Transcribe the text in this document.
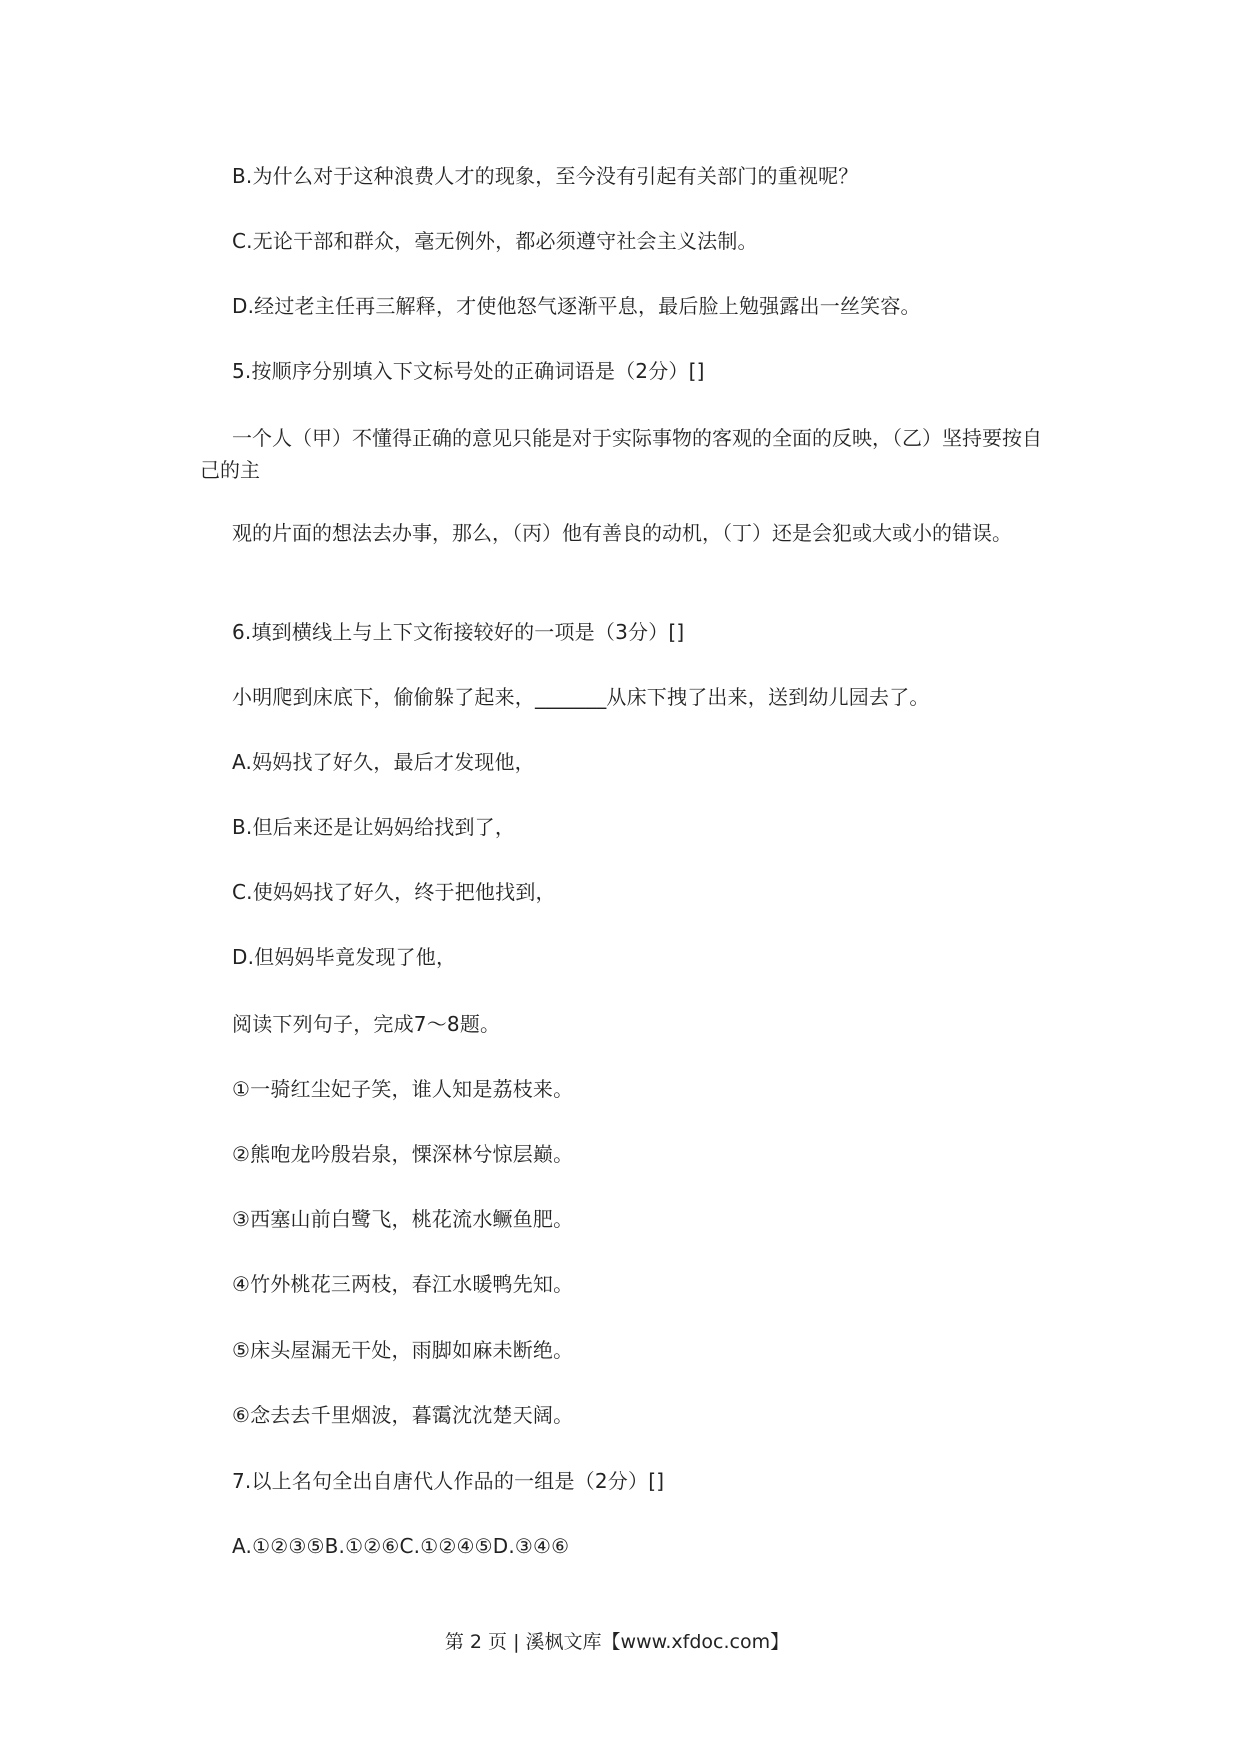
B.为什么对于这种浪费人才的现象，至今没有引起有关部门的重视呢？
C.无论干部和群众，毫无例外，都必须遵守社会主义法制。
D.经过老主任再三解释，才使他怒气逐渐平息，最后脸上勉强露出一丝笑容。
5.按顺序分别填入下文标号处的正确词语是（2分）[]
一个人（甲）不懂得正确的意见只能是对于实际事物的客观的全面的反映，（乙）坚持要按自己的主
观的片面的想法去办事，那么，（丙）他有善良的动机，（丁）还是会犯或大或小的错误。
6.填到横线上与上下文衔接较好的一项是（3分）[]
小明爬到床底下，偷偷躲了起来，_______从床下拽了出来，送到幼儿园去了。
A.妈妈找了好久，最后才发现他，
B.但后来还是让妈妈给找到了，
C.使妈妈找了好久，终于把他找到，
D.但妈妈毕竟发现了他，
阅读下列句子，完成7～8题。
①一骑红尘妃子笑，谁人知是荔枝来。
②熊咆龙吟殷岩泉，慄深林兮惊层巅。
③西塞山前白鹭飞，桃花流水鳜鱼肥。
④竹外桃花三两枝，春江水暖鸭先知。
⑤床头屋漏无干处，雨脚如麻未断绝。
⑥念去去千里烟波，暮霭沈沈楚天阔。
7.以上名句全出自唐代人作品的一组是（2分）[]
A.①②③⑤B.①②⑥C.①②④⑤D.③④⑥
第 2 页 | 溪枫文库【www.xfdoc.com】
